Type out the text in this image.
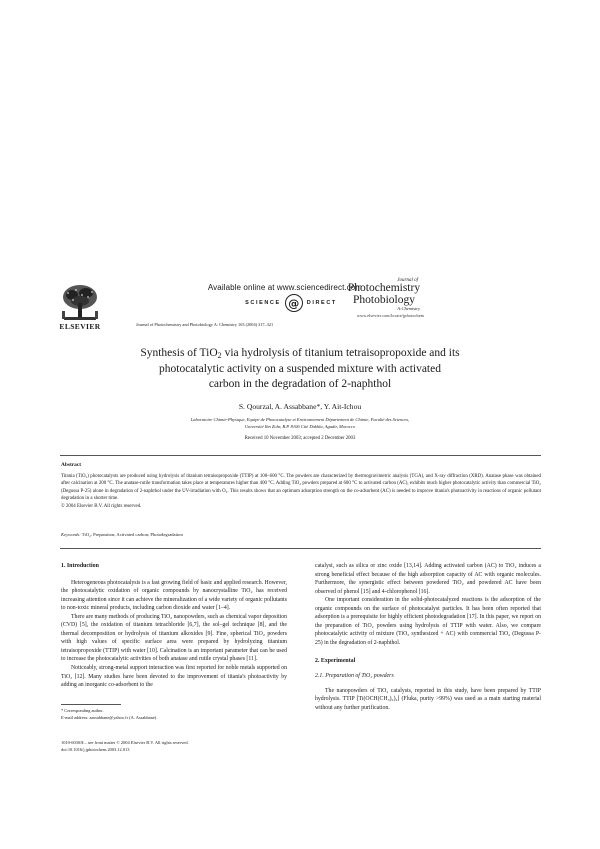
ELSEVIER
Available online at www.sciencedirect.com
SCIENCE @	DIRECT
Journal of Photochemistry and Photobiology A: Chemistry 163 (2004) 317–321
Journal of
Photochemistry
Photobiology
A:Chemistry
www.elsevier.com/locate/jphotochem
Synthesis of TiO$_2$ via hydrolysis of titanium tetraisopropoxide and its
photocatalytic activity on a suspended mixture with activated
carbon in the degradation of 2-naphthol
S. Qourzal, A. Assabbane*, Y. Ait-Ichou
Laboratoire Chimie-Physique, Equipe de Photocatalyse et Environnement Département de Chimie, Faculté des Sciences,
Université Ibn Zohr, B.P. 8106 Cité Dakhla, Agadir, Morocco
Received 10 November 2003; accepted 2 December 2003
Abstract
Titania (TiO₂) photocatalysts are produced using hydrolysis of titanium tetraisopropoxide (TTIP) at 100–600 °C. The powders are characterized by thermogravimetric analysis (TGA), and X-ray diffraction (XRD). Anatase phase was obtained after calcination at 200 °C. The anatase-rutile transformation takes place at temperatures higher than 400 °C. Adding TiO₂ powders prepared at 600 °C to activated carbon (AC), exhibits much higher photocatalytic activity than commercial TiO₂ (Degussa P-25) alone in degradation of 2-naphthol under the UV-irradiation with O₂. This results shows that an optimum adsorption strength on the co-adsorbent (AC) is needed to improve titania's photoactivity in reactions of organic pollutant degradation in a shorter time.
© 2004 Elsevier B.V. All rights reserved.
Keywords: TiO₂; Preparation; Activated carbon; Photodegradation
1. Introduction

Heterogeneous photocatalysis is a fast growing field of basic and applied research. However, the photocatalytic oxidation of organic compounds by nanocrystalline TiO₂ has received increasing attention since it can achieve the mineralization of a wide variety of organic pollutants to non-toxic mineral products, including carbon dioxide and water [1–4].

There are many methods of producing TiO₂ nanopowders, such as chemical vapor deposition (CVD) [5], the oxidation of titanium tetrachloride [6,7], the sol–gel technique [8], and the thermal decomposition or hydrolysis of titanium alkoxides [9]. Fine, spherical TiO₂ powders with high values of specific surface area were prepared by hydrolyzing titanium tetraisopropoxide (TTIP) with water [10]. Calcination is an important parameter that can be used to increase the photocatalytic activities of both anatase and rutile crystal phases [11].

Noticeably, strong-metal support interaction was first reported for noble metals supported on TiO₂ [12]. Many studies have been devoted to the improvement of titania's photoactivity by adding an inorganic co-adsorbent to the

* Corresponding author.
E-mail address: aassabbane@yahoo.fr (A. Assabbane).
1010-6030/$ – see front matter © 2004 Elsevier B.V. All rights reserved.
doi:10.1016/j.jphotochem.2003.12.013

catalyst, such as silica or zinc oxide [13,14]. Adding activated carbon (AC) to TiO₂ induces a strong beneficial effect because of the high adsorption capacity of AC with organic molecules. Furthermore, the synergistic effect between powdered TiO₂ and powdered AC have been observed of phenol [15] and 4-chlorophenol [16].

One important consideration in the solid-photocatalyzed reactions is the adsorption of the organic compounds on the surface of photocatalyst particles. It has been often reported that adsorption is a prerequisite for highly efficient photodegradation [17]. In this paper, we report on the preparation of TiO₂ powders using hydrolysis of TTIP with water. Also, we compare photocatalytic activity of mixture (TiO₂ synthesized + AC) with commercial TiO₂ (Degussa P-25) in the degradation of 2-naphthol.

2. Experimental
2.1. Preparation of TiO₂ powders

The nanopowders of TiO₂ catalysts, reported in this study, have been prepared by TTIP hydrolysis. TTIP [Ti(OCH(CH₃)₂)₄] (Fluka, purity >99%) was used as a main starting material without any further purification.
